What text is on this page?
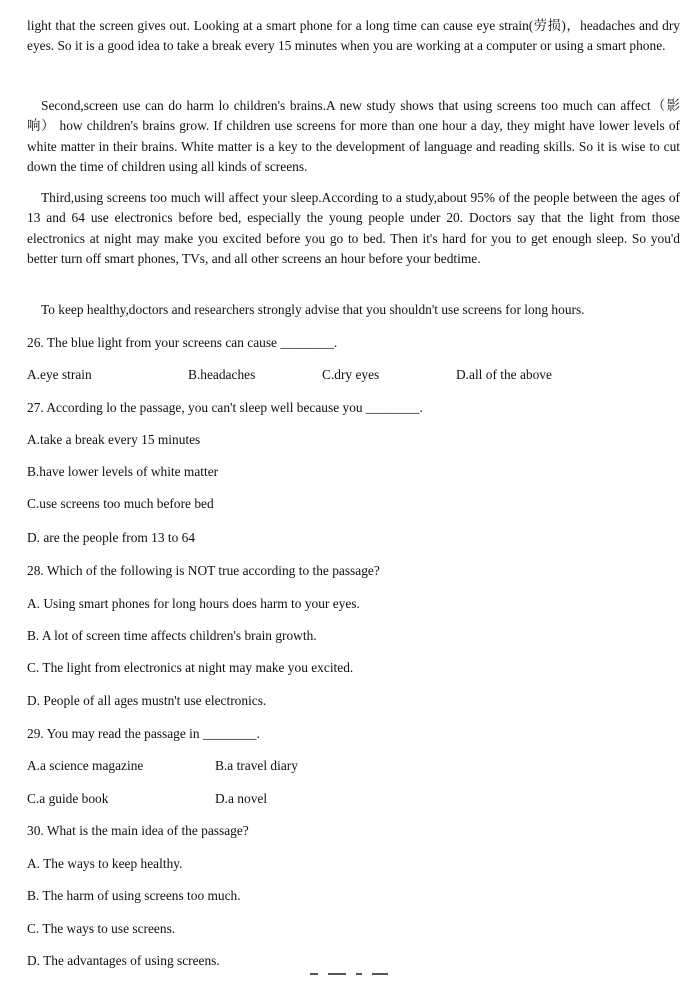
light that the screen gives out. Looking at a smart phone for a long time can cause eye strain(劳损)，headaches and dry eyes. So it is a good idea to take a break every 15 minutes when you are working at a computer or using a smart phone.

Second,screen use can do harm lo children's brains.A new study shows that using screens too much can affect（影响） how children's brains grow. If children use screens for more than one hour a day, they might have lower levels of white matter in their brains. White matter is a key to the development of language and reading skills. So it is wise to cut down the time of children using all kinds of screens.

Third,using screens too much will affect your sleep.According to a study,about 95% of the people between the ages of 13 and 64 use electronics before bed, especially the young people under 20. Doctors say that the light from those electronics at night may make you excited before you go to bed. Then it's hard for you to get enough sleep. So you'd better turn off smart phones, TVs, and all other screens an hour before your bedtime.

To keep healthy,doctors and researchers strongly advise that you shouldn't use screens for long hours.

26. The blue light from your screens can cause ________.
A.eye strain	B.headaches	C.dry eyes	D.all of the above
27. According lo the passage, you can't sleep well because you ________.
A.take a break every 15 minutes
B.have lower levels of white matter
C.use screens too much before bed
D. are the people from 13 to 64
28. Which of the following is NOT true according to the passage?
A. Using smart phones for long hours does harm to your eyes.
B. A lot of screen time affects children's brain growth.
C. The light from electronics at night may make you excited.
D. People of all ages mustn't use electronics.
29. You may read the passage in ________.
A.a science magazine	B.a travel diary
C.a guide book	D.a novel
30. What is the main idea of the passage?
A. The ways to keep healthy.
B. The harm of using screens too much.
C. The ways to use screens.
D. The advantages of using screens.
